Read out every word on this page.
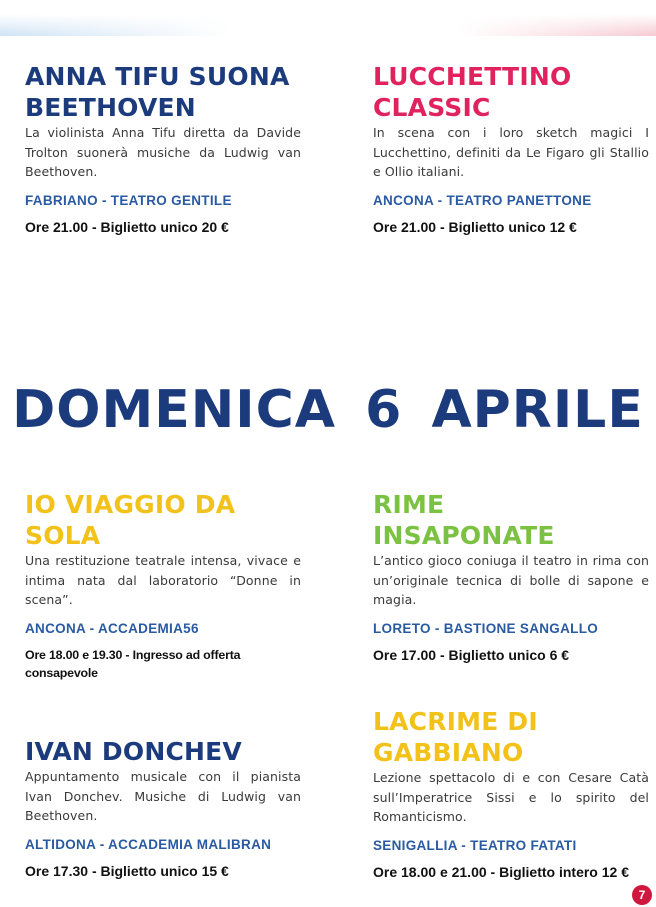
ANNA TIFU SUONA
BEETHOVEN

La violinista Anna Tifu diretta da Davide Trolton suonerà musiche da Ludwig van Beethoven.

FABRIANO - TEATRO GENTILE
Ore 21.00 - Biglietto unico 20 €
LUCCHETTINO
CLASSIC

In scena con i loro sketch magici I Lucchettino, definiti da Le Figaro gli Stallio e Ollio italiani.

ANCONA - TEATRO PANETTONE
Ore 21.00 - Biglietto unico 12 €
DOMENICA 6 APRILE
IO VIAGGIO DA
SOLA

Una restituzione teatrale intensa, vivace e intima nata dal laboratorio “Donne in scena”.

ANCONA - ACCADEMIA56
Ore 18.00 e 19.30 - Ingresso ad offerta consapevole
RIME
INSAPONATE

L’antico gioco coniuga il teatro in rima con un’originale tecnica di bolle di sapone e magia.

LORETO - BASTIONE SANGALLO
Ore 17.00 - Biglietto unico 6 €
IVAN DONCHEV

Appuntamento musicale con il pianista Ivan Donchev. Musiche di Ludwig van Beethoven.

ALTIDONA - ACCADEMIA MALIBRAN
Ore 17.30 - Biglietto unico 15 €
LACRIME DI
GABBIANO

Lezione spettacolo di e con Cesare Catà sull’Imperatrice Sissi e lo spirito del Romanticismo.

SENIGALLIA - TEATRO FATATI
Ore 18.00 e 21.00 - Biglietto intero 12 €
7
